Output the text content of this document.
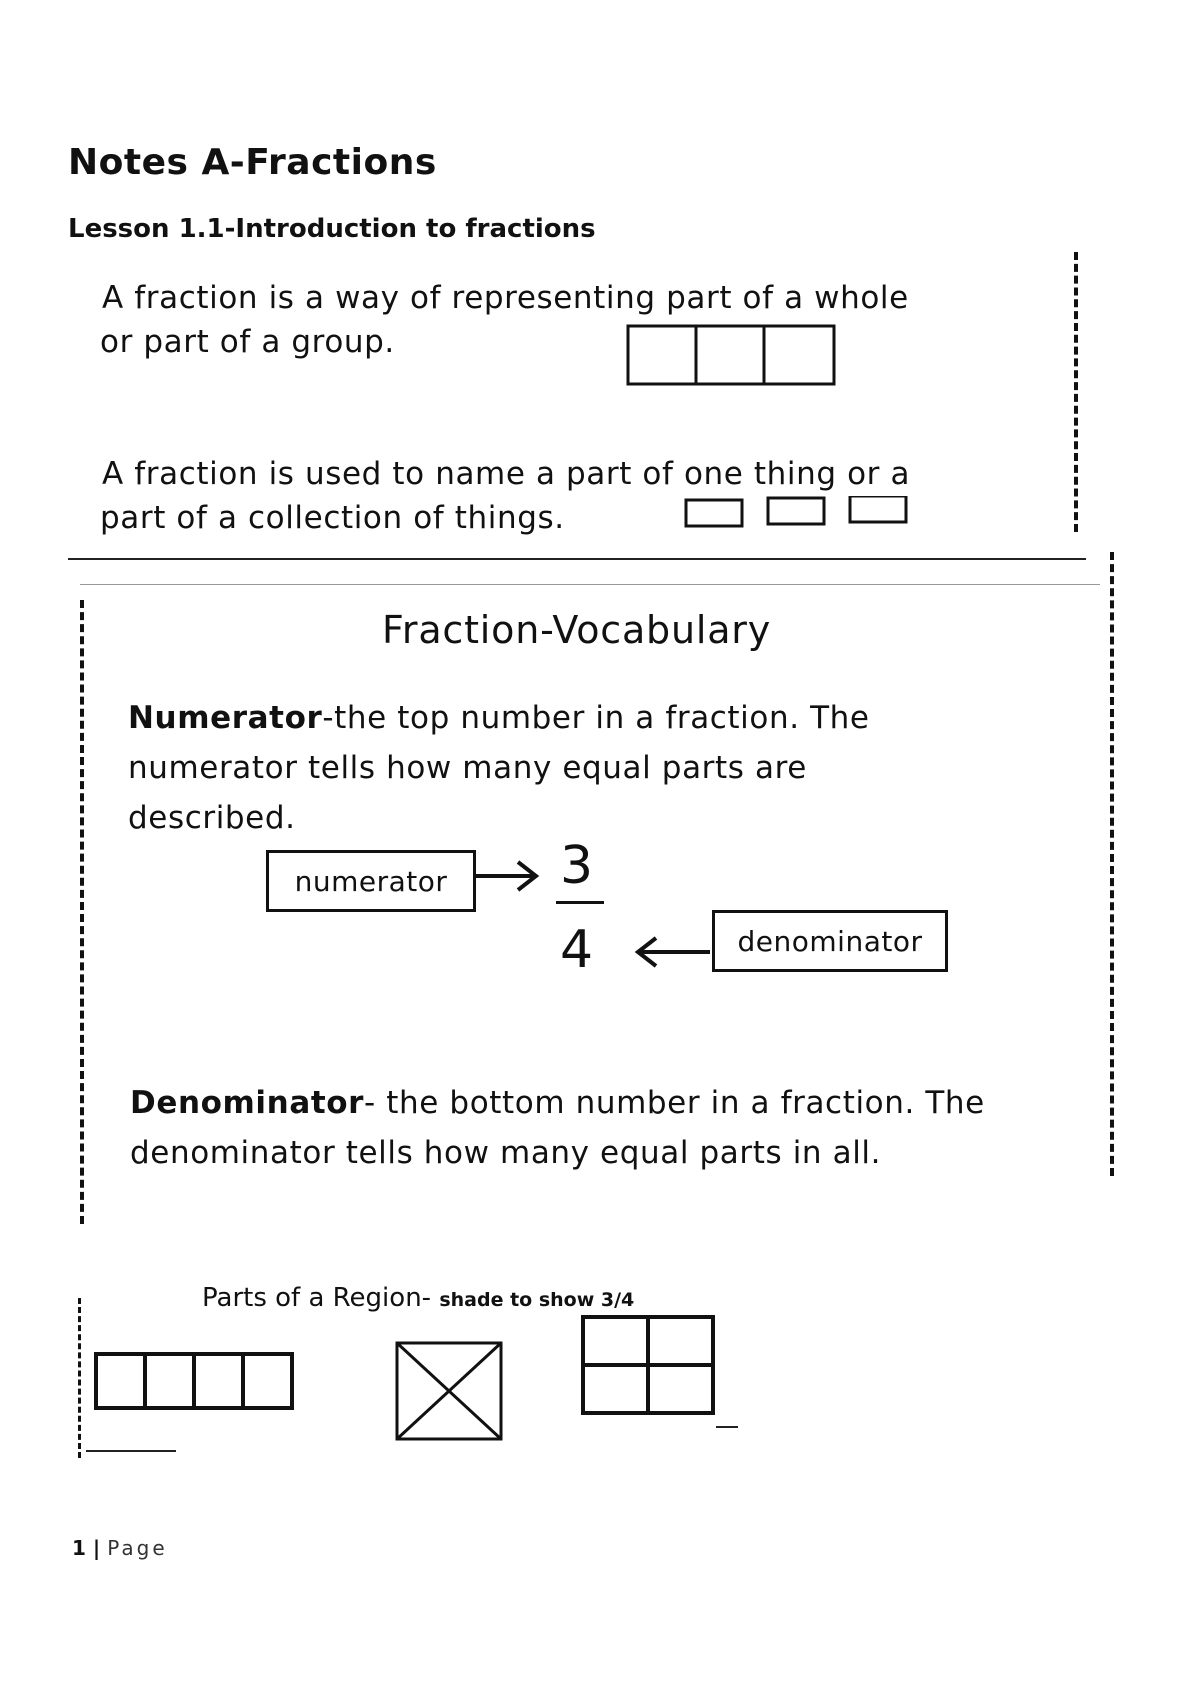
Notes A-Fractions
Lesson 1.1-Introduction to fractions
A fraction is a way of representing part of a whole
or part of a group.
A fraction is used to name a part of one thing or a
part of a collection of things.
Fraction-Vocabulary
Numerator-the top number in a fraction. The
numerator tells how many equal parts are
described.
numerator	3
4	denominator
Denominator- the bottom number in a fraction. The
denominator tells how many equal parts in all.
Parts of a Region- shade to show 3/4
1 | Page
